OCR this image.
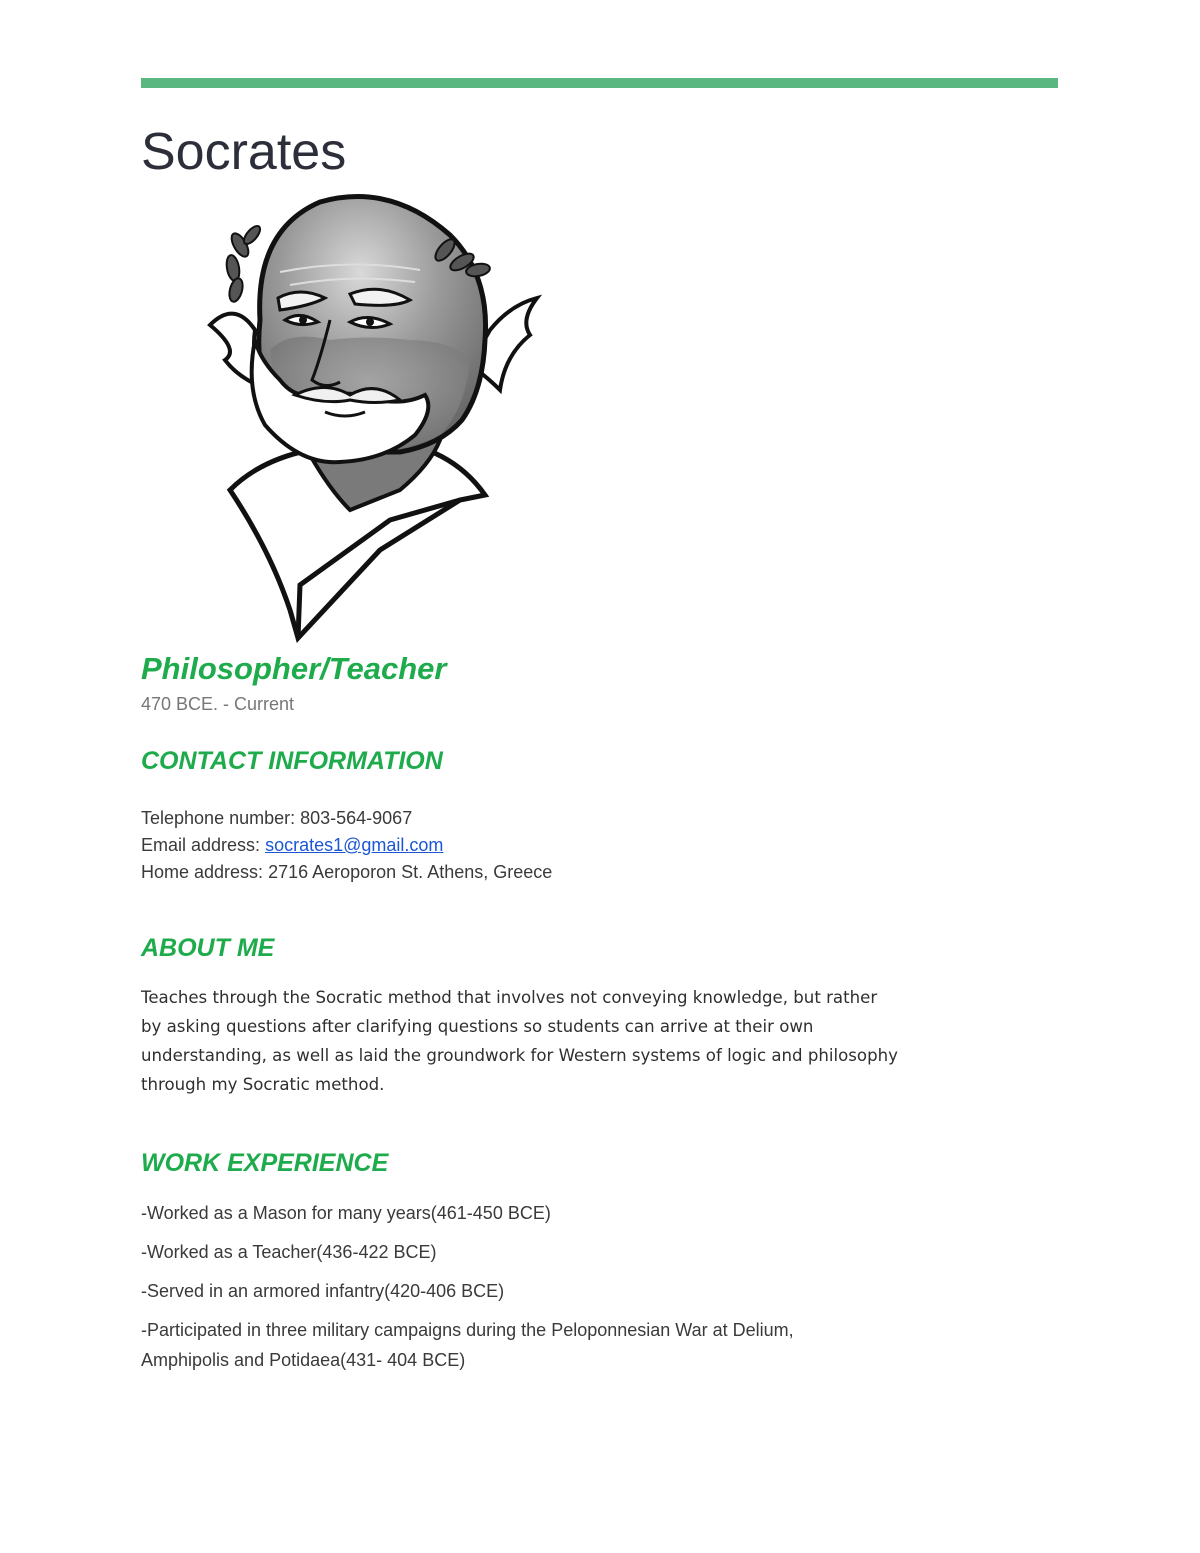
Socrates
Philosopher/Teacher
470 BCE. - Current
CONTACT INFORMATION
Telephone number: 803-564-9067
Email address: socrates1@gmail.com
Home address: 2716 Aeroporon St. Athens, Greece
ABOUT ME

Teaches through the Socratic method that involves not conveying knowledge, but rather by asking questions after clarifying questions so students can arrive at their own understanding, as well as laid the groundwork for Western systems of logic and philosophy through my Socratic method.

WORK EXPERIENCE
-Worked as a Mason for many years(461-450 BCE)
-Worked as a Teacher(436-422 BCE)
-Served in an armored infantry(420-406 BCE)
-Participated in three military campaigns during the Peloponnesian War at Delium, Amphipolis and Potidaea(431- 404 BCE)
